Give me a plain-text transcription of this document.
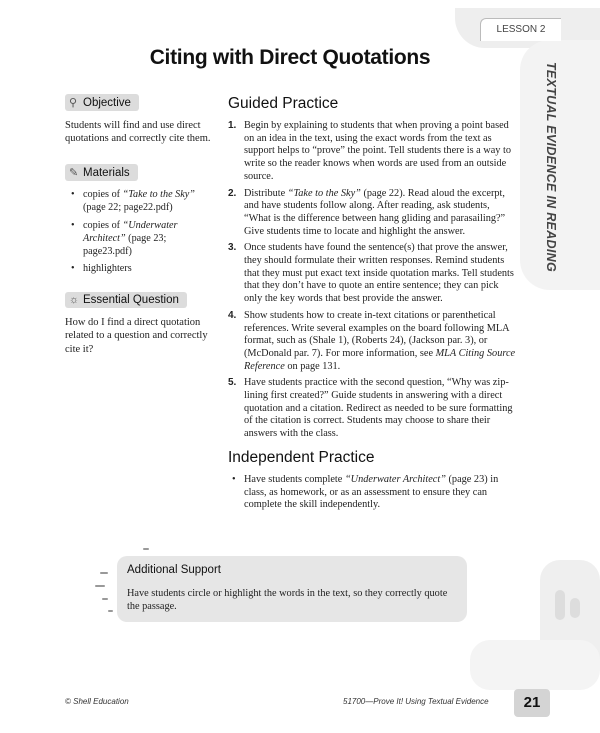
LESSON 2
TEXTUAL EVIDENCE IN READING
Citing with Direct Quotations
⚲ Objective

Students will find and use direct quotations and correctly cite them.

✎ Materials
• copies of “Take to the Sky” (page 22; page22.pdf)
• copies of “Underwater Architect” (page 23; page23.pdf)
• highlighters
☼ Essential Question

How do I find a direct quotation related to a question and correctly cite it?

Guided Practice
1. Begin by explaining to students that when proving a point based on an idea in the text, using the exact words from the text as support helps to “prove” the point. Tell students there is a way to write so the reader knows when words are used from an outside source.
2. Distribute “Take to the Sky” (page 22). Read aloud the excerpt, and have students follow along. After reading, ask students, “What is the difference between hang gliding and parasailing?” Give students time to locate and highlight the answer.
3. Once students have found the sentence(s) that prove the answer, they should formulate their written responses. Remind students that they must put exact text inside quotation marks. Tell students that they don’t have to quote an entire sentence; they can pick only the key words that best provide the answer.
4. Show students how to create in-text citations or parenthetical references. Write several examples on the board following MLA format, such as (Shale 1), (Roberts 24), (Jackson par. 3), or (McDonald par. 7). For more information, see MLA Citing Source Reference on page 131.
5. Have students practice with the second question, “Why was zip-lining first created?” Guide students in answering with a direct quotation and a citation. Redirect as needed to be sure formatting of the citation is correct. Students may choose to share their answers with the class.
Independent Practice
• Have students complete “Underwater Architect” (page 23) in class, as homework, or as an assessment to ensure they can complete the skill independently.
Additional Support
Have students circle or highlight the words in the text, so they correctly quote the passage.
© Shell Education	51700—Prove It! Using Textual Evidence	21
